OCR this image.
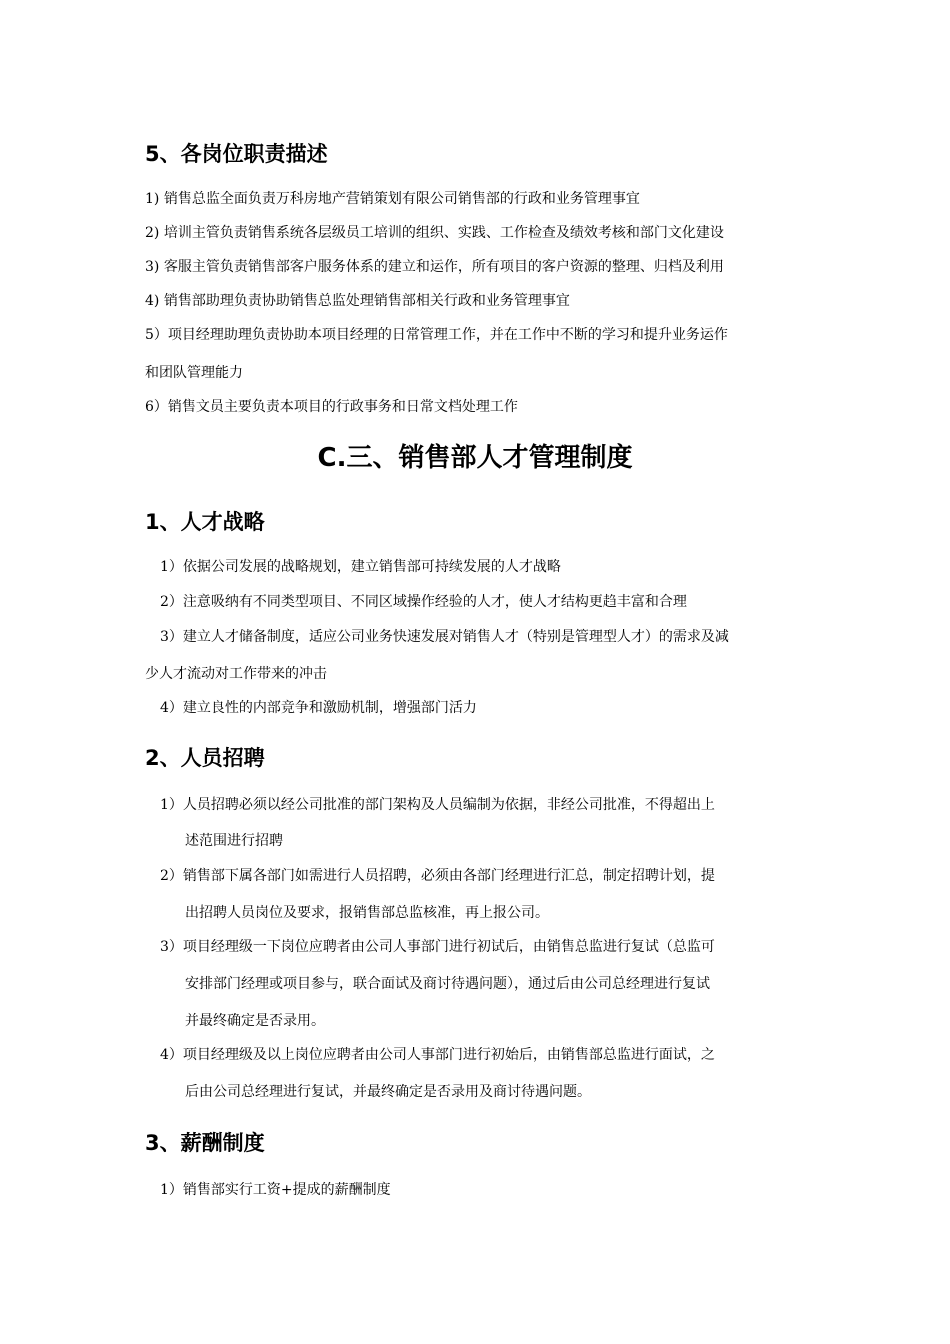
5、各岗位职责描述
1) 销售总监全面负责万科房地产营销策划有限公司销售部的行政和业务管理事宜
2) 培训主管负责销售系统各层级员工培训的组织、实践、工作检查及绩效考核和部门文化建设
3) 客服主管负责销售部客户服务体系的建立和运作，所有项目的客户资源的整理、归档及利用
4) 销售部助理负责协助销售总监处理销售部相关行政和业务管理事宜
5）项目经理助理负责协助本项目经理的日常管理工作，并在工作中不断的学习和提升业务运作
和团队管理能力
6）销售文员主要负责本项目的行政事务和日常文档处理工作
C.三、销售部人才管理制度
1、人才战略
1）依据公司发展的战略规划，建立销售部可持续发展的人才战略
2）注意吸纳有不同类型项目、不同区域操作经验的人才，使人才结构更趋丰富和合理
3）建立人才储备制度，适应公司业务快速发展对销售人才（特别是管理型人才）的需求及减
少人才流动对工作带来的冲击
4）建立良性的内部竞争和激励机制，增强部门活力
2、人员招聘
1）人员招聘必须以经公司批准的部门架构及人员编制为依据，非经公司批准，不得超出上
述范围进行招聘
2）销售部下属各部门如需进行人员招聘，必须由各部门经理进行汇总，制定招聘计划，提
出招聘人员岗位及要求，报销售部总监核准，再上报公司。
3）项目经理级一下岗位应聘者由公司人事部门进行初试后，由销售总监进行复试（总监可
安排部门经理或项目参与，联合面试及商讨待遇问题），通过后由公司总经理进行复试
并最终确定是否录用。
4）项目经理级及以上岗位应聘者由公司人事部门进行初始后，由销售部总监进行面试，之
后由公司总经理进行复试，并最终确定是否录用及商讨待遇问题。
3、薪酬制度
1）销售部实行工资+提成的薪酬制度
